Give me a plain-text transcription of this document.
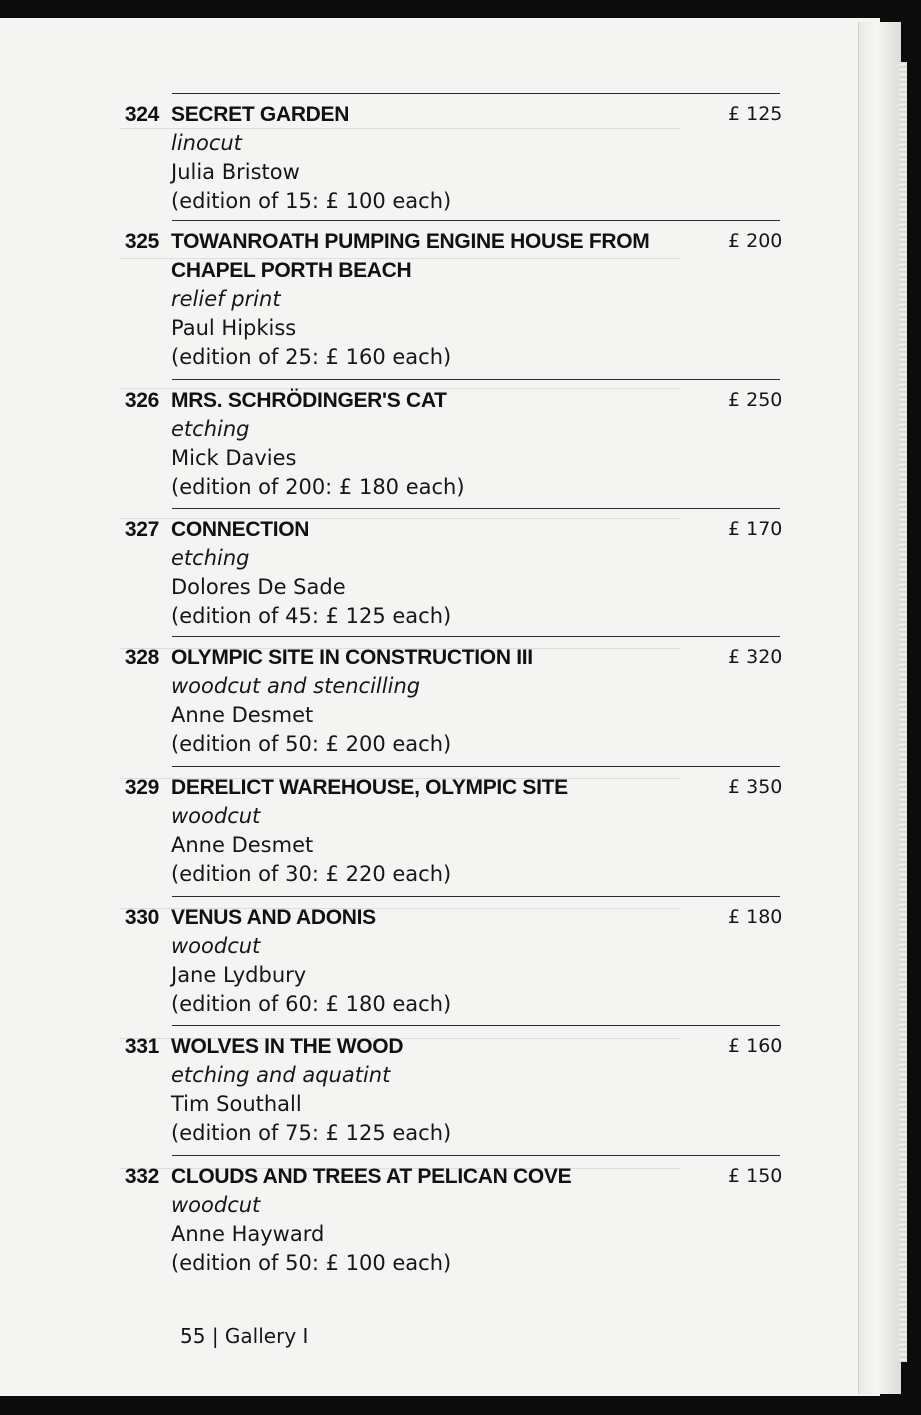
324 SECRET GARDEN
linocut
Julia Bristow
(edition of 15: £ 100 each)
£ 125
325 TOWANROATH PUMPING ENGINE HOUSE FROM
CHAPEL PORTH BEACH
relief print
Paul Hipkiss
(edition of 25: £ 160 each)
£ 200
326 MRS. SCHRÖDINGER'S CAT
etching
Mick Davies
(edition of 200: £ 180 each)
£ 250
327 CONNECTION
etching
Dolores De Sade
(edition of 45: £ 125 each)
£ 170
328 OLYMPIC SITE IN CONSTRUCTION III
woodcut and stencilling
Anne Desmet
(edition of 50: £ 200 each)
£ 320
329 DERELICT WAREHOUSE, OLYMPIC SITE
woodcut
Anne Desmet
(edition of 30: £ 220 each)
£ 350
330 VENUS AND ADONIS
woodcut
Jane Lydbury
(edition of 60: £ 180 each)
£ 180
331 WOLVES IN THE WOOD
etching and aquatint
Tim Southall
(edition of 75: £ 125 each)
£ 160
332 CLOUDS AND TREES AT PELICAN COVE
woodcut
Anne Hayward
(edition of 50: £ 100 each)
£ 150
55 | Gallery I
